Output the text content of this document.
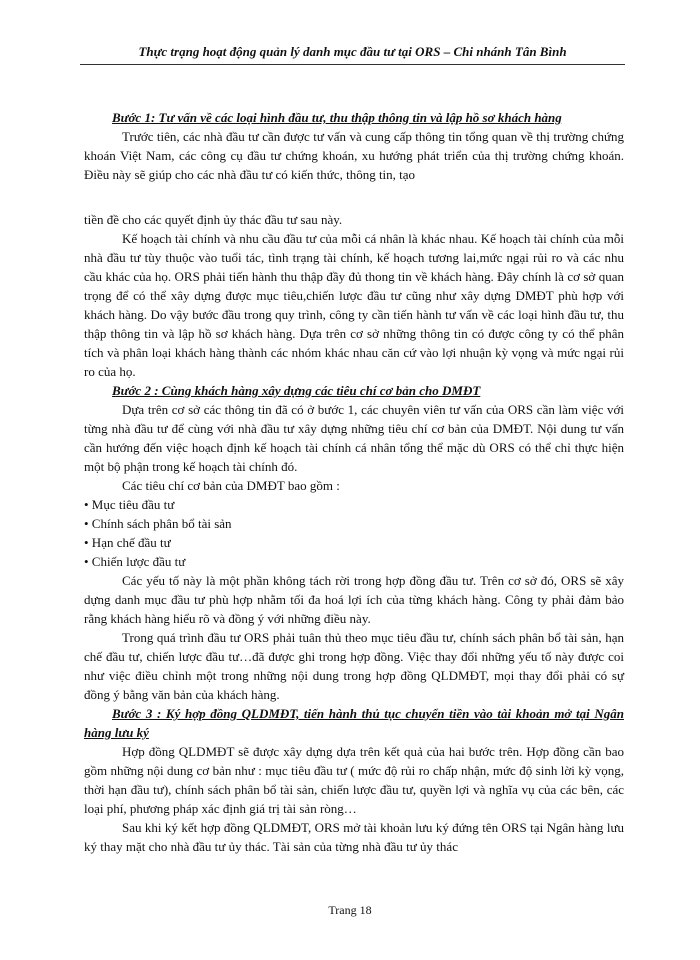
Thực trạng hoạt động quản lý danh mục đầu tư tại ORS – Chi nhánh Tân Bình

Bước 1: Tư vấn về các loại hình đầu tư, thu thập thông tin và lập hồ sơ khách hàng

Trước tiên, các nhà đầu tư cần được tư vấn và cung cấp thông tin tổng quan về thị trường chứng khoán Việt Nam, các công cụ đầu tư chứng khoán, xu hướng phát triển của thị trường chứng khoán. Điều này sẽ giúp cho các nhà đầu tư có kiến thức, thông tin, tạo

tiền đề cho các quyết định ủy thác đầu tư sau này.

Kế hoạch tài chính và nhu cầu đầu tư của mỗi cá nhân là khác nhau. Kế hoạch tài chính của mỗi nhà đầu tư tùy thuộc vào tuổi tác, tình trạng tài chính, kế hoạch tương lai,mức ngại rủi ro và các nhu cầu khác của họ. ORS phải tiến hành thu thập đầy đủ thong tin về khách hàng. Đây chính là cơ sở quan trọng để có thể xây dựng được mục tiêu,chiến lược đầu tư cũng như xây dựng DMĐT phù hợp với khách hàng. Do vậy bước đầu trong quy trình, công ty cần tiến hành tư vấn về các loại hình đầu tư, thu thập thông tin và lập hồ sơ khách hàng. Dựa trên cơ sở những thông tin có được công ty có thể phân tích và phân loại khách hàng thành các nhóm khác nhau căn cứ vào lợi nhuận kỳ vọng và mức ngại rủi ro của họ.

Bước 2 : Cùng khách hàng xây dựng các tiêu chí cơ bản cho DMĐT

Dựa trên cơ sở các thông tin đã có ở bước 1, các chuyên viên tư vấn của ORS cần làm việc với từng nhà đầu tư để cùng với nhà đầu tư xây dựng những tiêu chí cơ bản của DMĐT. Nội dung tư vấn cần hướng đến việc hoạch định kế hoạch tài chính cá nhân tổng thể mặc dù ORS có thể chỉ thực hiện một bộ phận trong kế hoạch tài chính đó.

Các tiêu chí cơ bản của DMĐT bao gồm :

• Mục tiêu đầu tư

• Chính sách phân bổ tài sản

• Hạn chế đầu tư

• Chiến lược đầu tư

Các yếu tố này là một phần không tách rời trong hợp đồng đầu tư. Trên cơ sở đó, ORS sẽ xây dựng danh mục đầu tư phù hợp nhằm tối đa hoá lợi ích của từng khách hàng. Công ty phải đảm bảo rằng khách hàng hiểu rõ và đồng ý với những điều này.

Trong quá trình đầu tư ORS phải tuân thủ theo mục tiêu đầu tư, chính sách phân bổ tài sản, hạn chế đầu tư, chiến lược đầu tư…đã được ghi trong hợp đồng. Việc thay đổi những yếu tố này được coi như việc điều chỉnh một trong những nội dung trong hợp đồng QLDMĐT, mọi thay đổi phải có sự đồng ý bằng văn bản của khách hàng.

Bước 3 : Ký hợp đồng QLDMĐT, tiến hành thủ tục chuyển tiền vào tài khoản mở tại Ngân hàng lưu ký

Hợp đồng QLDMĐT sẽ được xây dựng dựa trên kết quả của hai bước trên. Hợp đồng cần bao gồm những nội dung cơ bản như : mục tiêu đầu tư ( mức độ rủi ro chấp nhận, mức độ sinh lời kỳ vọng, thời hạn đầu tư), chính sách phân bổ tài sản, chiến lược đầu tư, quyền lợi và nghĩa vụ của các bên, các loại phí, phương pháp xác định giá trị tài sản ròng…

Sau khi ký kết hợp đồng QLDMĐT, ORS mở tài khoản lưu ký đứng tên ORS tại Ngân hàng lưu ký thay mặt cho nhà đầu tư ủy thác. Tài sản của từng nhà đầu tư ủy thác

Trang 18
